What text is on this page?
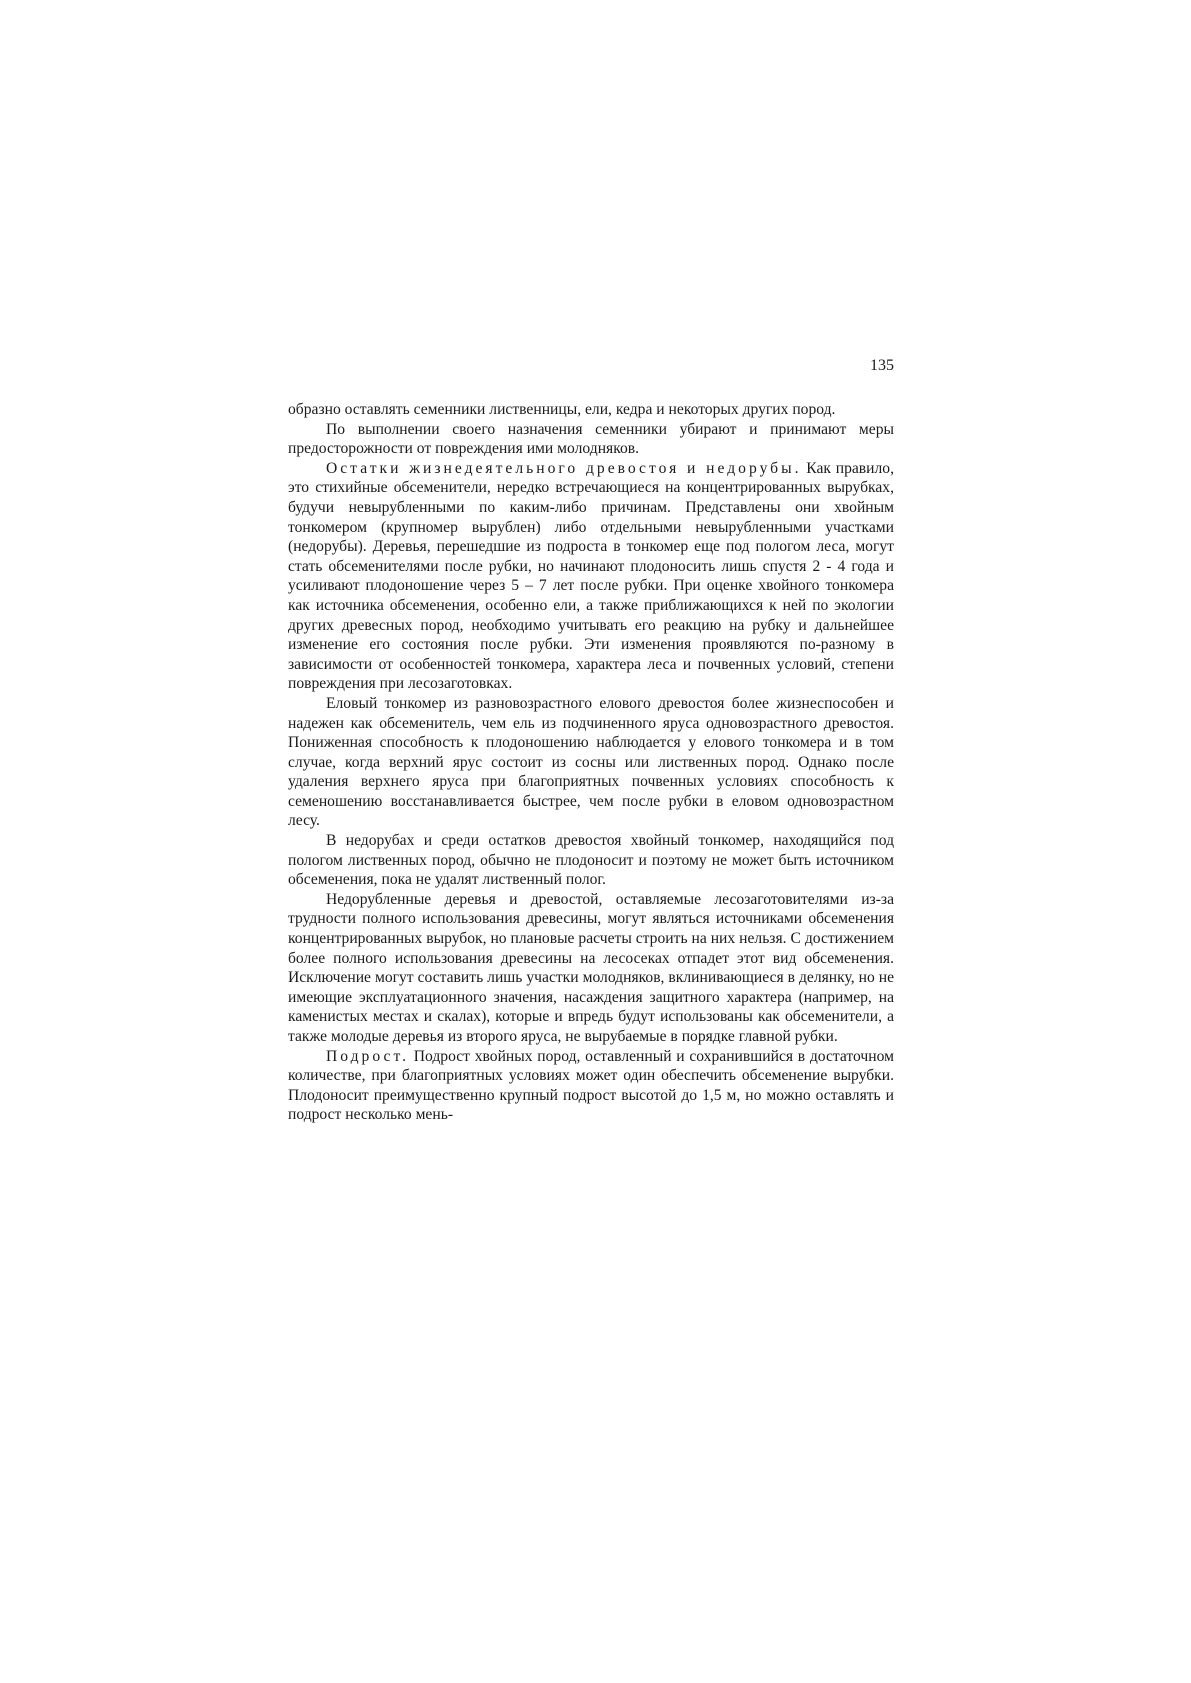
135

образно оставлять семенники лиственницы, ели, кедра и некоторых других пород.

По выполнении своего назначения семенники убирают и принимают меры предосторожности от повреждения ими молодняков.

Остатки жизнедеятельного древостоя и недорубы. Как правило, это стихийные обсеменители, нередко встречающиеся на концентрированных вырубках, будучи невырубленными по каким-либо причинам. Представлены они хвойным тонкомером (крупномер вырублен) либо отдельными невырубленными участками (недорубы). Деревья, перешедшие из подроста в тонкомер еще под пологом леса, могут стать обсеменителями после рубки, но начинают плодоносить лишь спустя 2 - 4 года и усиливают плодоношение через 5 – 7 лет после рубки. При оценке хвойного тонкомера как источника обсеменения, особенно ели, а также приближающихся к ней по экологии других древесных пород, необходимо учитывать его реакцию на рубку и дальнейшее изменение его состояния после рубки. Эти изменения проявляются по-разному в зависимости от особенностей тонкомера, характера леса и почвенных условий, степени повреждения при лесозаготовках.

Еловый тонкомер из разновозрастного елового древостоя более жизнеспособен и надежен как обсеменитель, чем ель из подчиненного яруса одновозрастного древостоя. Пониженная способность к плодоношению наблюдается у елового тонкомера и в том случае, когда верхний ярус состоит из сосны или лиственных пород. Однако после удаления верхнего яруса при благоприятных почвенных условиях способность к семеношению восстанавливается быстрее, чем после рубки в еловом одновозрастном лесу.

В недорубах и среди остатков древостоя хвойный тонкомер, находящийся под пологом лиственных пород, обычно не плодоносит и поэтому не может быть источником обсеменения, пока не удалят лиственный полог.

Недорубленные деревья и древостой, оставляемые лесозаготовителями из-за трудности полного использования древесины, могут являться источниками обсеменения концентрированных вырубок, но плановые расчеты строить на них нельзя. С достижением более полного использования древесины на лесосеках отпадет этот вид обсеменения. Исключение могут составить лишь участки молодняков, вклинивающиеся в делянку, но не имеющие эксплуатационного значения, насаждения защитного характера (например, на каменистых местах и скалах), которые и впредь будут использованы как обсеменители, а также молодые деревья из второго яруса, не вырубаемые в порядке главной рубки.

Подрост. Подрост хвойных пород, оставленный и сохранившийся в достаточном количестве, при благоприятных условиях может один обеспечить обсеменение вырубки. Плодоносит преимущественно крупный подрост высотой до 1,5 м, но можно оставлять и подрост несколько мень-
